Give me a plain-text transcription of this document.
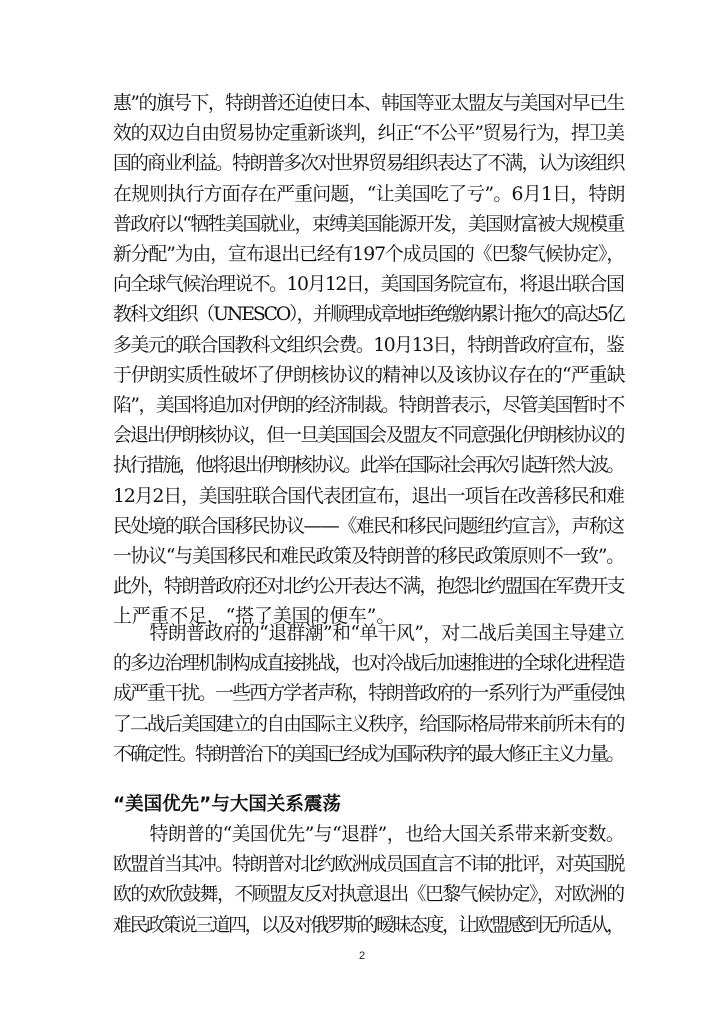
惠”的旗号下，特朗普还迫使日本、韩国等亚太盟友与美国对早已生
效的双边自由贸易协定重新谈判，纠正“不公平”贸易行为，捍卫美
国的商业利益。特朗普多次对世界贸易组织表达了不满，认为该组织
在规则执行方面存在严重问题，“让美国吃了亏”。6月1日，特朗
普政府以“牺牲美国就业，束缚美国能源开发，美国财富被大规模重
新分配”为由，宣布退出已经有197个成员国的《巴黎气候协定》，
向全球气候治理说不。10月12日，美国国务院宣布，将退出联合国
教科文组织（UNESCO），并顺理成章地拒绝缴纳累计拖欠的高达5亿
多美元的联合国教科文组织会费。10月13日，特朗普政府宣布，鉴
于伊朗实质性破坏了伊朗核协议的精神以及该协议存在的“严重缺
陷”，美国将追加对伊朗的经济制裁。特朗普表示，尽管美国暂时不
会退出伊朗核协议，但一旦美国国会及盟友不同意强化伊朗核协议的
执行措施，他将退出伊朗核协议。此举在国际社会再次引起轩然大波。
12月2日，美国驻联合国代表团宣布，退出一项旨在改善移民和难
民处境的联合国移民协议——《难民和移民问题纽约宣言》，声称这
一协议“与美国移民和难民政策及特朗普的移民政策原则不一致”。
此外，特朗普政府还对北约公开表达不满，抱怨北约盟国在军费开支
上严重不足，“搭了美国的便车”。

　　特朗普政府的“退群潮”和“单干风”，对二战后美国主导建立
的多边治理机制构成直接挑战，也对冷战后加速推进的全球化进程造
成严重干扰。一些西方学者声称，特朗普政府的一系列行为严重侵蚀
了二战后美国建立的自由国际主义秩序，给国际格局带来前所未有的
不确定性。特朗普治下的美国已经成为国际秩序的最大修正主义力量。

“美国优先”与大国关系震荡

　　特朗普的“美国优先”与“退群”，也给大国关系带来新变数。
欧盟首当其冲。特朗普对北约欧洲成员国直言不讳的批评，对英国脱
欧的欢欣鼓舞，不顾盟友反对执意退出《巴黎气候协定》，对欧洲的
难民政策说三道四，以及对俄罗斯的暧昧态度，让欧盟感到无所适从，

2
